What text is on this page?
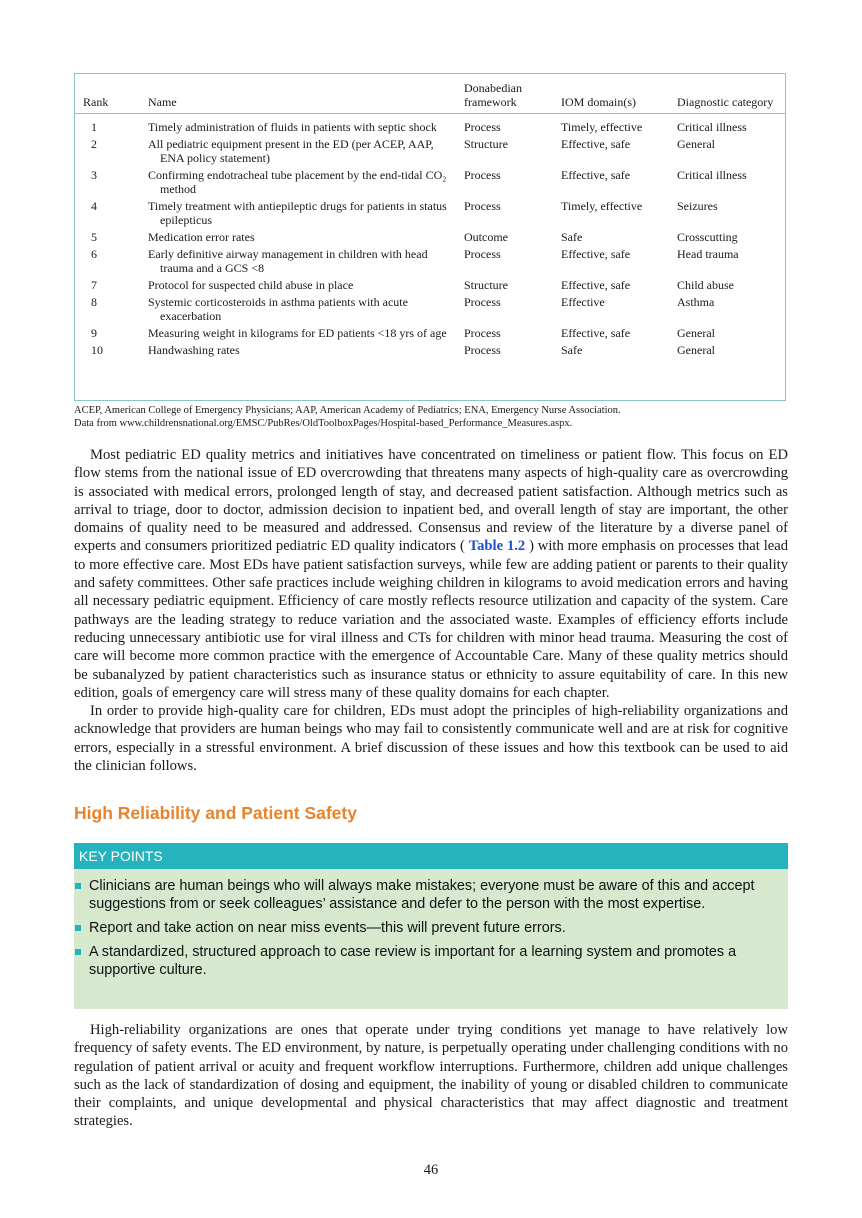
Rank	Name	Donabedian framework	IOM domain(s)	Diagnostic category
1	Timely administration of fluids in patients with septic shock	Process	Timely, effective	Critical illness
2	All pediatric equipment present in the ED (per ACEP, AAP, ENA policy statement)	Structure	Effective, safe	General
3	Confirming endotracheal tube placement by the end-tidal CO₂ method	Process	Effective, safe	Critical illness
4	Timely treatment with antiepileptic drugs for patients in status epilepticus	Process	Timely, effective	Seizures
5	Medication error rates	Outcome	Safe	Crosscutting
6	Early definitive airway management in children with head trauma and a GCS <8	Process	Effective, safe	Head trauma
7	Protocol for suspected child abuse in place	Structure	Effective, safe	Child abuse
8	Systemic corticosteroids in asthma patients with acute exacerbation	Process	Effective	Asthma
9	Measuring weight in kilograms for ED patients <18 yrs of age	Process	Effective, safe	General
10	Handwashing rates	Process	Safe	General
ACEP, American College of Emergency Physicians; AAP, American Academy of Pediatrics; ENA, Emergency Nurse Association.
Data from www.childrensnational.org/EMSC/PubRes/OldToolboxPages/Hospital-based_Performance_Measures.aspx.

Most pediatric ED quality metrics and initiatives have concentrated on timeliness or patient flow. This focus on ED flow stems from the national issue of ED overcrowding that threatens many aspects of high-quality care as overcrowding is associated with medical errors, prolonged length of stay, and decreased patient satisfaction. Although metrics such as arrival to triage, door to doctor, admission decision to inpatient bed, and overall length of stay are important, the other domains of quality need to be measured and addressed. Consensus and review of the literature by a diverse panel of experts and consumers prioritized pediatric ED quality indicators ( Table 1.2 ) with more emphasis on processes that lead to more effective care. Most EDs have patient satisfaction surveys, while few are adding patient or parents to their quality and safety committees. Other safe practices include weighing children in kilograms to avoid medication errors and having all necessary pediatric equipment. Efficiency of care mostly reflects resource utilization and capacity of the system. Care pathways are the leading strategy to reduce variation and the associated waste. Examples of efficiency efforts include reducing unnecessary antibiotic use for viral illness and CTs for children with minor head trauma. Measuring the cost of care will become more common practice with the emergence of Accountable Care. Many of these quality metrics should be subanalyzed by patient characteristics such as insurance status or ethnicity to assure equitability of care. In this new edition, goals of emergency care will stress many of these quality domains for each chapter.

In order to provide high-quality care for children, EDs must adopt the principles of high-reliability organizations and acknowledge that providers are human beings who may fail to consistently communicate well and are at risk for cognitive errors, especially in a stressful environment. A brief discussion of these issues and how this textbook can be used to aid the clinician follows.

High Reliability and Patient Safety
KEY POINTS
Clinicians are human beings who will always make mistakes; everyone must be aware of this and accept suggestions from or seek colleagues’ assistance and defer to the person with the most expertise.
Report and take action on near miss events—this will prevent future errors.
A standardized, structured approach to case review is important for a learning system and promotes a supportive culture.

High-reliability organizations are ones that operate under trying conditions yet manage to have relatively low frequency of safety events. The ED environment, by nature, is perpetually operating under challenging conditions with no regulation of patient arrival or acuity and frequent workflow interruptions. Furthermore, children add unique challenges such as the lack of standardization of dosing and equipment, the inability of young or disabled children to communicate their complaints, and unique developmental and physical characteristics that may affect diagnostic and treatment strategies.

46
